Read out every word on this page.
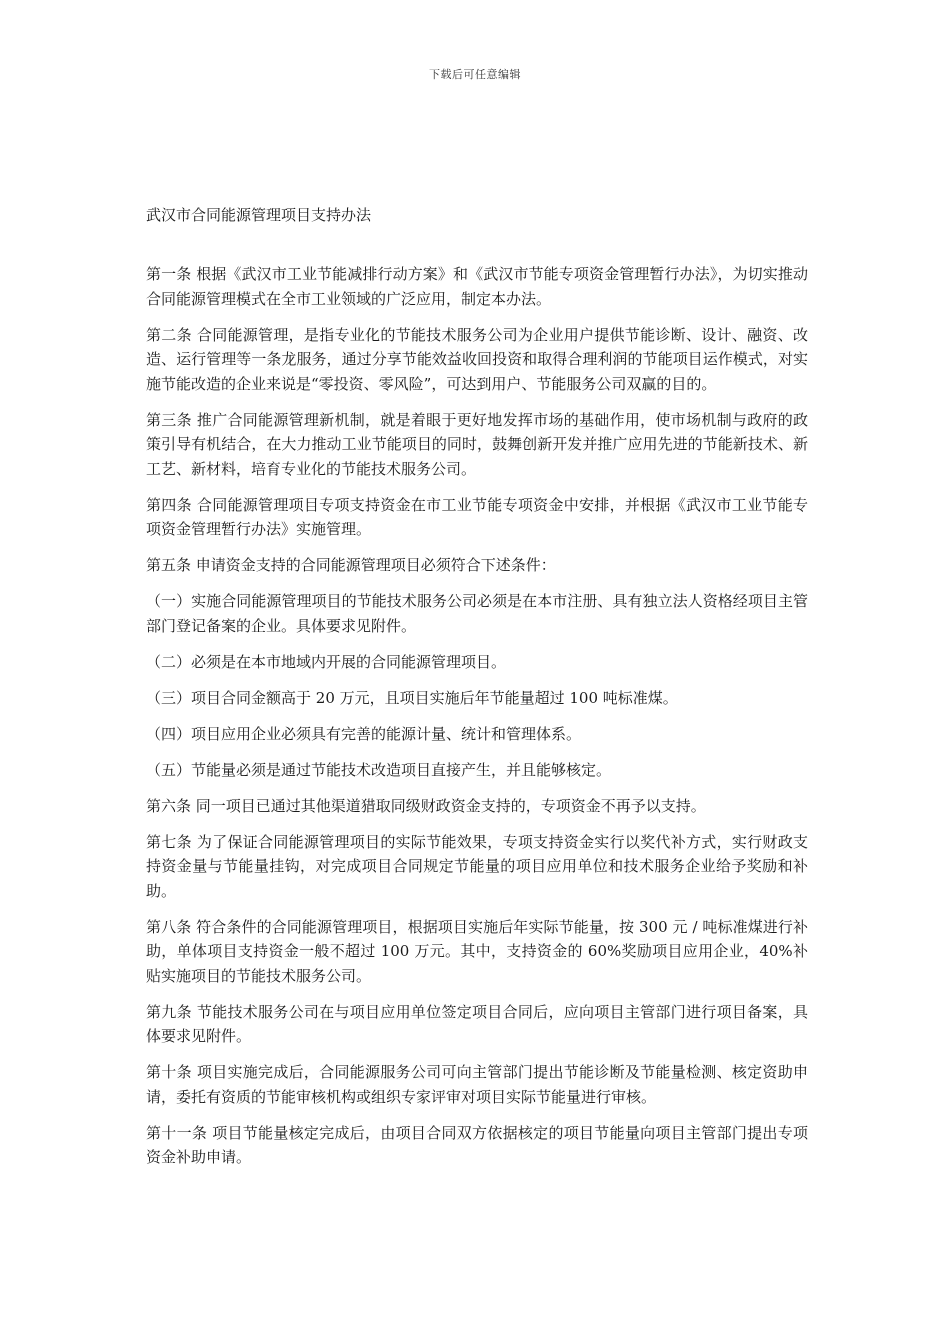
下载后可任意编辑
武汉市合同能源管理项目支持办法

第一条 根据《武汉市工业节能减排行动方案》和《武汉市节能专项资金管理暂行办法》，为切实推动合同能源管理模式在全市工业领域的广泛应用，制定本办法。

第二条 合同能源管理，是指专业化的节能技术服务公司为企业用户提供节能诊断、设计、融资、改造、运行管理等一条龙服务，通过分享节能效益收回投资和取得合理利润的节能项目运作模式，对实施节能改造的企业来说是“零投资、零风险”，可达到用户、节能服务公司双赢的目的。

第三条 推广合同能源管理新机制，就是着眼于更好地发挥市场的基础作用，使市场机制与政府的政策引导有机结合，在大力推动工业节能项目的同时，鼓舞创新开发并推广应用先进的节能新技术、新工艺、新材料，培育专业化的节能技术服务公司。

第四条 合同能源管理项目专项支持资金在市工业节能专项资金中安排，并根据《武汉市工业节能专项资金管理暂行办法》实施管理。

第五条 申请资金支持的合同能源管理项目必须符合下述条件：

（一）实施合同能源管理项目的节能技术服务公司必须是在本市注册、具有独立法人资格经项目主管部门登记备案的企业。具体要求见附件。

（二）必须是在本市地域内开展的合同能源管理项目。

（三）项目合同金额高于 20 万元，且项目实施后年节能量超过 100 吨标准煤。

（四）项目应用企业必须具有完善的能源计量、统计和管理体系。

（五）节能量必须是通过节能技术改造项目直接产生，并且能够核定。

第六条 同一项目已通过其他渠道猎取同级财政资金支持的，专项资金不再予以支持。

第七条 为了保证合同能源管理项目的实际节能效果，专项支持资金实行以奖代补方式，实行财政支持资金量与节能量挂钩，对完成项目合同规定节能量的项目应用单位和技术服务企业给予奖励和补助。

第八条 符合条件的合同能源管理项目，根据项目实施后年实际节能量，按 300 元 / 吨标准煤进行补助，单体项目支持资金一般不超过 100 万元。其中，支持资金的 60%奖励项目应用企业，40%补贴实施项目的节能技术服务公司。

第九条 节能技术服务公司在与项目应用单位签定项目合同后，应向项目主管部门进行项目备案，具体要求见附件。

第十条 项目实施完成后，合同能源服务公司可向主管部门提出节能诊断及节能量检测、核定资助申请，委托有资质的节能审核机构或组织专家评审对项目实际节能量进行审核。

第十一条 项目节能量核定完成后，由项目合同双方依据核定的项目节能量向项目主管部门提出专项资金补助申请。
